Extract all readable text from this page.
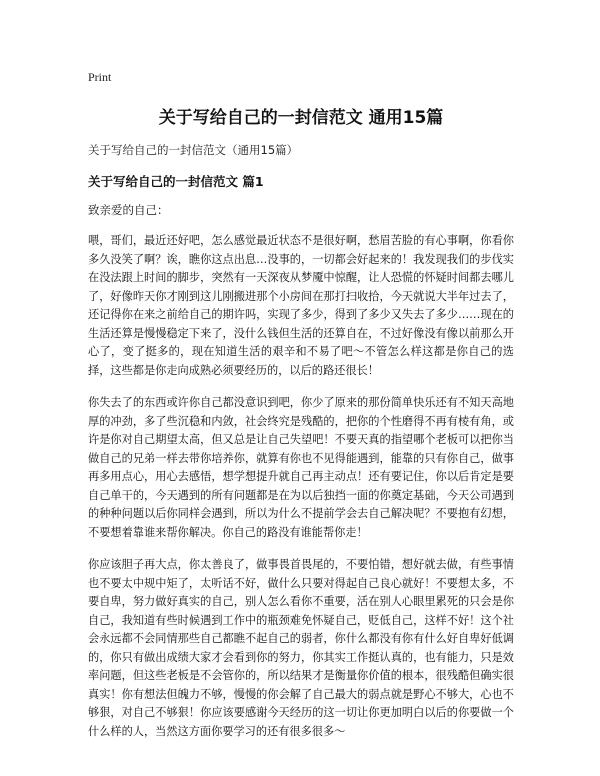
Print
关于写给自己的一封信范文 通用15篇
关于写给自己的一封信范文（通用15篇）
关于写给自己的一封信范文 篇1
致亲爱的自己：

喂，哥们，最近还好吧，怎么感觉最近状态不是很好啊，愁眉苦脸的有心事啊，你看你多久没笑了啊？诶，瞧你这点出息…没事的，一切都会好起来的！我发现我们的步伐实在没法跟上时间的脚步，突然有一天深夜从梦魇中惊醒，让人恐慌的怀疑时间都去哪儿了，好像昨天你才刚到这儿刚搬进那个小房间在那打扫收拾，今天就说大半年过去了，还记得你在来之前给自己的期许吗，实现了多少，得到了多少又失去了多少……现在的生活还算是慢慢稳定下来了，没什么钱但生活的还算自在，不过好像没有像以前那么开心了，变了挺多的，现在知道生活的艰辛和不易了吧～不管怎么样这都是你自己的选择，这些都是你走向成熟必须要经历的，以后的路还很长！

你失去了的东西或许你自己都没意识到吧，你少了原来的那份简单快乐还有不知天高地厚的冲劲，多了些沉稳和内敛，社会终究是残酷的，把你的个性磨得不再有棱有角，或许是你对自己期望太高，但又总是让自己失望吧！不要天真的指望哪个老板可以把你当做自己的兄弟一样去带你培养你，就算有你也不见得能遇到，能靠的只有你自己，做事再多用点心，用心去感悟，想学想提升就自己再主动点！还有要记住，你以后肯定是要自己单干的，今天遇到的所有问题都是在为以后独挡一面的你奠定基础，今天公司遇到的种种问题以后你同样会遇到，所以为什么不提前学会去自己解决呢？不要抱有幻想，不要想着靠谁来帮你解决。你自己的路没有谁能帮你走！

你应该胆子再大点，你太善良了，做事畏首畏尾的，不要怕错，想好就去做，有些事情也不要太中规中矩了，太听话不好，做什么只要对得起自己良心就好！不要想太多，不要自卑，努力做好真实的自己，别人怎么看你不重要，活在别人心眼里累死的只会是你自己，我知道有些时候遇到工作中的瓶颈难免怀疑自己，贬低自己，这样不好！这个社会永远都不会同情那些自己都瞧不起自己的弱者，你什么都没有你有什么好自卑好低调的，你只有做出成绩大家才会看到你的努力，你其实工作挺认真的，也有能力，只是效率问题，但这些老板是不会管你的，所以结果才是衡量你价值的根本，很残酷但确实很真实！你有想法但魄力不够，慢慢的你会解了自己最大的弱点就是野心不够大，心也不够狠，对自己不够狠！你应该要感谢今天经历的这一切让你更加明白以后的你要做一个什么样的人，当然这方面你要学习的还有很多很多～
